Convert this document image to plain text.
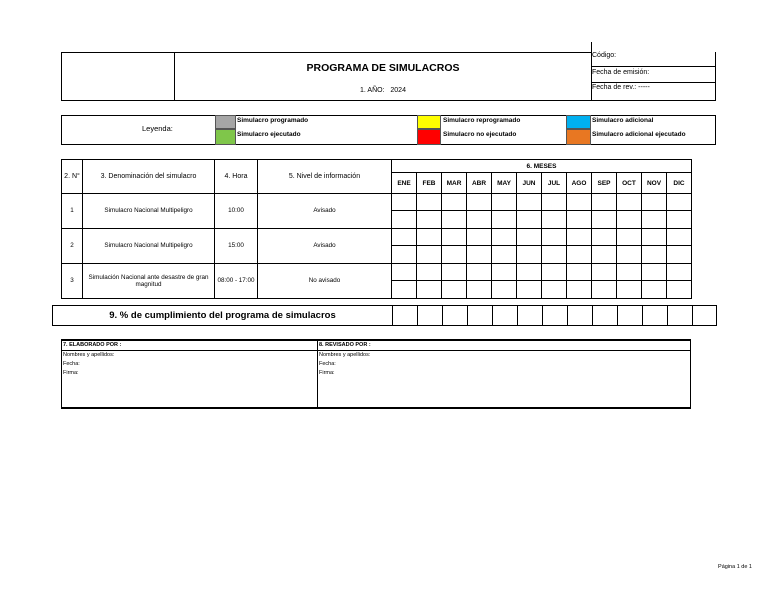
PROGRAMA DE SIMULACROS
1. AÑO: 2024
Código:
Fecha de emisión:
Fecha de rev.: -----
Leyenda:
Simulacro programado
Simulacro ejecutado
Simulacro reprogramado
Simulacro no ejecutado
Simulacro adicional
Simulacro adicional ejecutado
2. N°	3. Denominación del simulacro	4. Hora	5. Nivel de información	6. MESES											
				ENE	FEB	MAR	ABR	MAY	JUN	JUL	AGO	SEP	OCT	NOV	DIC
1	Simulacro Nacional Multipeligro	10:00	Avisado												

2	Simulacro Nacional Multipeligro	15:00	Avisado												

3	Simulación Nacional ante desastre de gran magnitud	08:00 - 17:00	No avisado												

9. % de cumplimiento del programa de simulacros													
7. ELABORADO POR :
Nombres y apellidos:
Fecha:
Firma:
8. REVISADO POR :
Nombres y apellidos:
Fecha:
Firma:
Página 1 de 1
